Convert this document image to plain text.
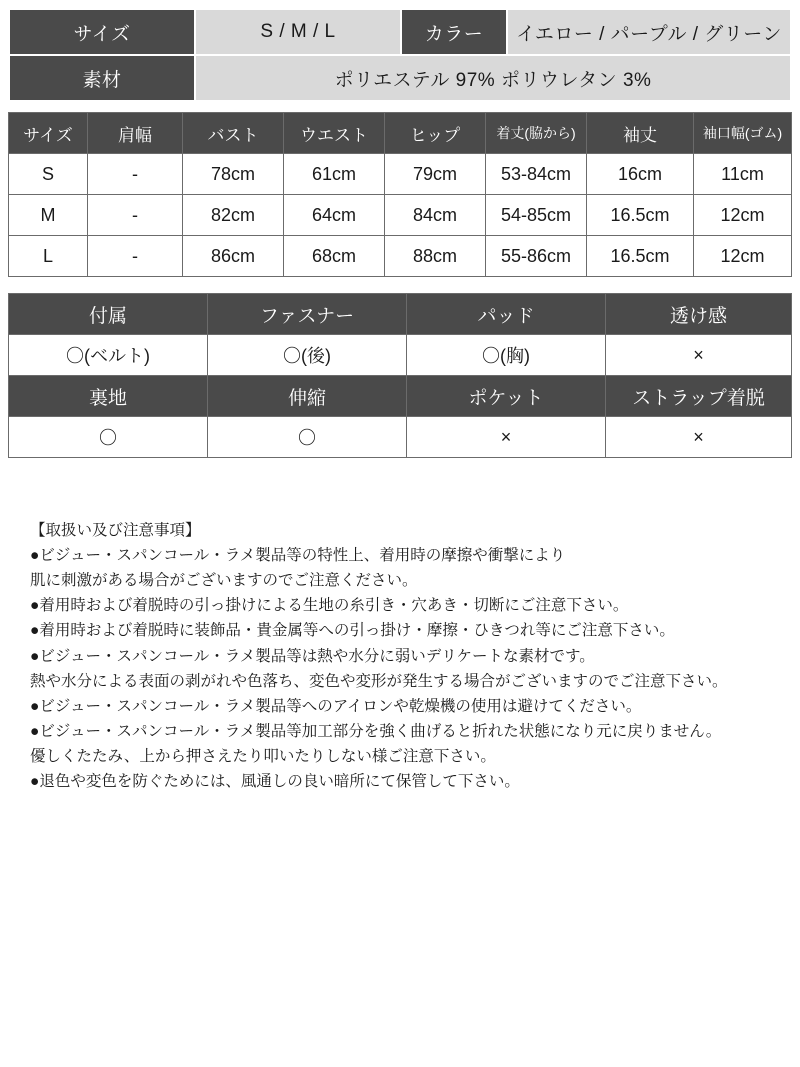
サイズ	S / M / L	カラー	イエロー / パープル / グリーン
素材	ポリエステル 97% ポリウレタン 3%		
サイズ	肩幅	バスト	ウエスト	ヒップ	着丈(脇から)	袖丈	袖口幅(ゴム)
S	-	78cm	61cm	79cm	53-84cm	16cm	11cm
M	-	82cm	64cm	84cm	54-85cm	16.5cm	12cm
L	-	86cm	68cm	88cm	55-86cm	16.5cm	12cm
付属	ファスナー	パッド	透け感
〇(ベルト)	〇(後)	〇(胸)	×
裏地	伸縮	ポケット	ストラップ着脱
〇	〇	×	×

【取扱い及び注意事項】

●ビジュー・スパンコール・ラメ製品等の特性上、着用時の摩擦や衝撃により

肌に刺激がある場合がございますのでご注意ください。

●着用時および着脱時の引っ掛けによる生地の糸引き・穴あき・切断にご注意下さい。

●着用時および着脱時に装飾品・貴金属等への引っ掛け・摩擦・ひきつれ等にご注意下さい。

●ビジュー・スパンコール・ラメ製品等は熱や水分に弱いデリケートな素材です。

熱や水分による表面の剥がれや色落ち、変色や変形が発生する場合がございますのでご注意下さい。

●ビジュー・スパンコール・ラメ製品等へのアイロンや乾燥機の使用は避けてください。

●ビジュー・スパンコール・ラメ製品等加工部分を強く曲げると折れた状態になり元に戻りません。

優しくたたみ、上から押さえたり叩いたりしない様ご注意下さい。

●退色や変色を防ぐためには、風通しの良い暗所にて保管して下さい。
